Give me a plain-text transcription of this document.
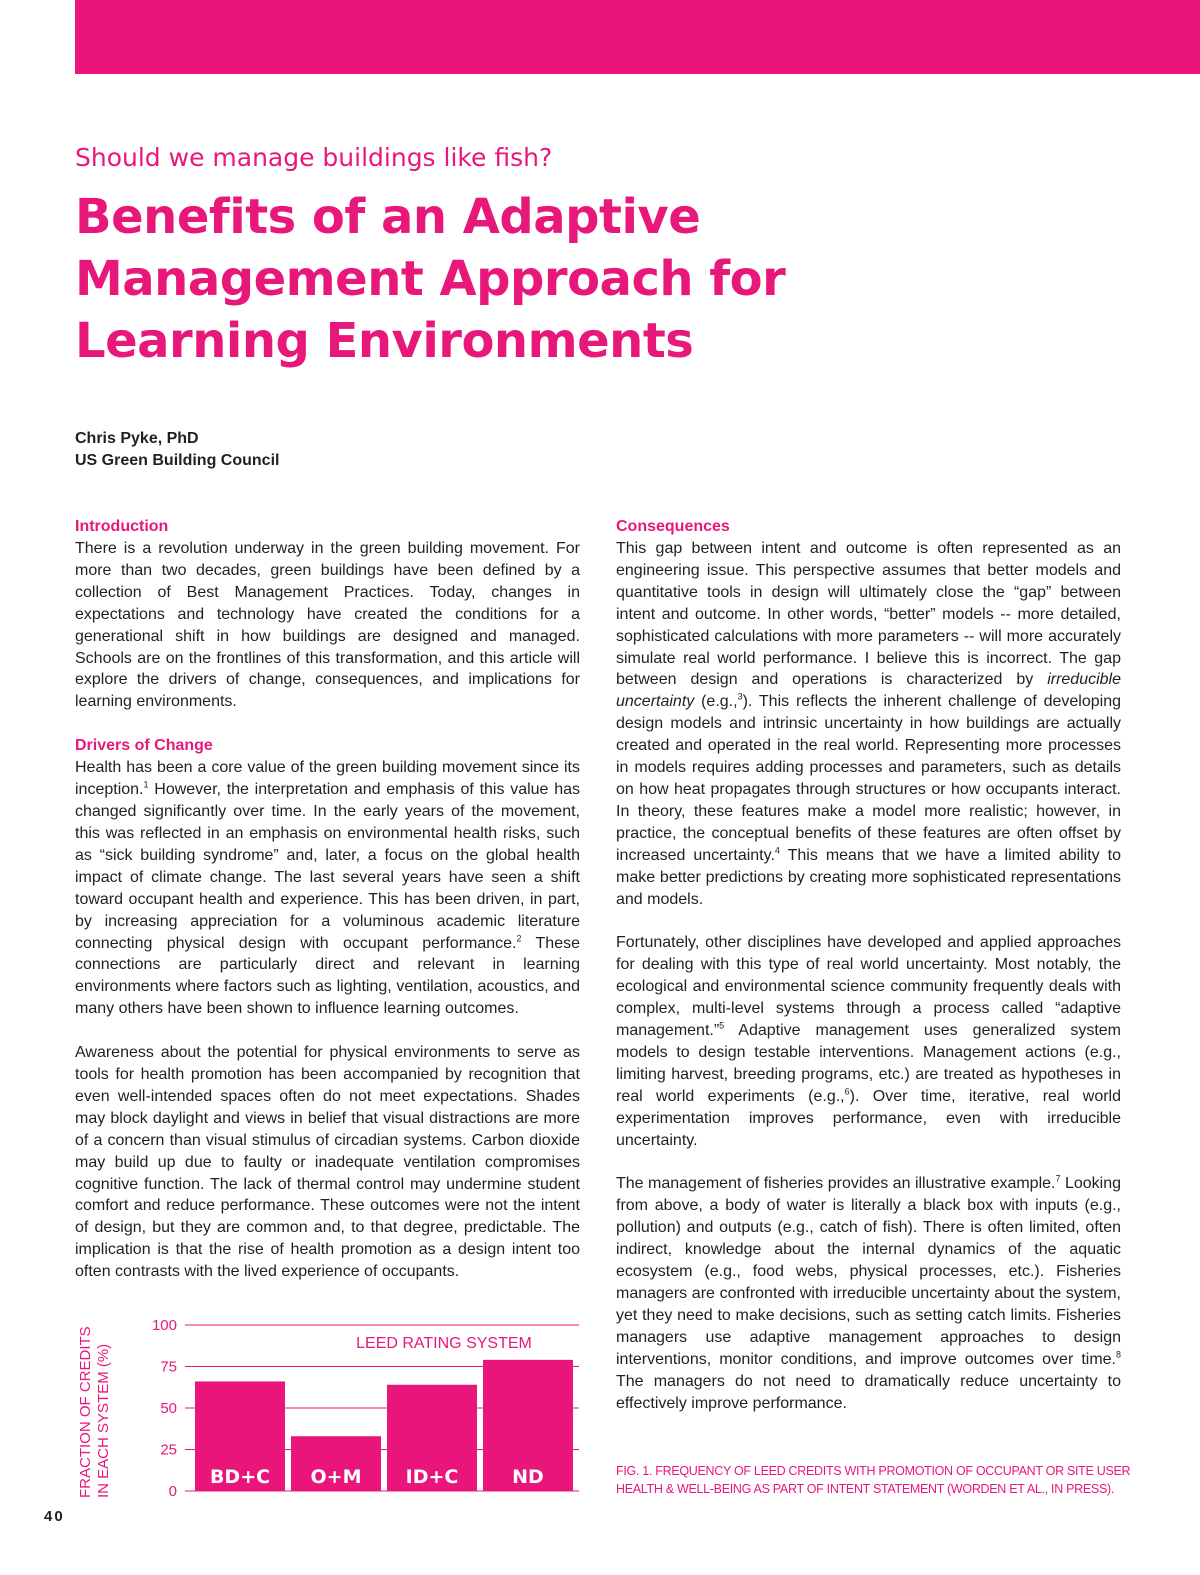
Should we manage buildings like fish?
Benefits of an Adaptive
Management Approach for
Learning Environments
Chris Pyke, PhD
US Green Building Council
Introduction

There is a revolution underway in the green building movement. For more than two decades, green buildings have been defined by a collection of Best Management Practices. Today, changes in expectations and technology have created the conditions for a generational shift in how buildings are designed and managed. Schools are on the frontlines of this transformation, and this article will explore the drivers of change, consequences, and implications for learning environments.

Drivers of Change

Health has been a core value of the green building movement since its inception.$^1$ However, the interpretation and emphasis of this value has changed significantly over time. In the early years of the movement, this was reflected in an emphasis on environmental health risks, such as “sick building syndrome” and, later, a focus on the global health impact of climate change. The last several years have seen a shift toward occupant health and experience. This has been driven, in part, by increasing appreciation for a voluminous academic literature connecting physical design with occupant performance.$^2$ These connections are particularly direct and relevant in learning environments where factors such as lighting, ventilation, acoustics, and many others have been shown to influence learning outcomes.

Awareness about the potential for physical environments to serve as tools for health promotion has been accompanied by recognition that even well-intended spaces often do not meet expectations. Shades may block daylight and views in belief that visual distractions are more of a concern than visual stimulus of circadian systems. Carbon dioxide may build up due to faulty or inadequate ventilation compromises cognitive function. The lack of thermal control may undermine student comfort and reduce performance. These outcomes were not the intent of design, but they are common and, to that degree, predictable. The implication is that the rise of health promotion as a design intent too often contrasts with the lived experience of occupants.

Consequences

This gap between intent and outcome is often represented as an engineering issue. This perspective assumes that better models and quantitative tools in design will ultimately close the “gap” between intent and outcome. In other words, “better” models -- more detailed, sophisticated calculations with more parameters -- will more accurately simulate real world performance. I believe this is incorrect. The gap between design and operations is characterized by irreducible uncertainty (e.g.,$^3$). This reflects the inherent challenge of developing design models and intrinsic uncertainty in how buildings are actually created and operated in the real world. Representing more processes in models requires adding processes and parameters, such as details on how heat propagates through structures or how occupants interact. In theory, these features make a model more realistic; however, in practice, the conceptual benefits of these features are often offset by increased uncertainty.$^4$ This means that we have a limited ability to make better predictions by creating more sophisticated representations and models.

Fortunately, other disciplines have developed and applied approaches for dealing with this type of real world uncertainty. Most notably, the ecological and environmental science community frequently deals with complex, multi-level systems through a process called “adaptive management.”$^5$ Adaptive management uses generalized system models to design testable interventions. Management actions (e.g., limiting harvest, breeding programs, etc.) are treated as hypotheses in real world experiments (e.g.,$^6$). Over time, iterative, real world experimentation improves performance, even with irreducible uncertainty.

The management of fisheries provides an illustrative example.$^7$ Looking from above, a body of water is literally a black box with inputs (e.g., pollution) and outputs (e.g., catch of fish). There is often limited, often indirect, knowledge about the internal dynamics of the aquatic ecosystem (e.g., food webs, physical processes, etc.). Fisheries managers are confronted with irreducible uncertainty about the system, yet they need to make decisions, such as setting catch limits. Fisheries managers use adaptive management approaches to design interventions, monitor conditions, and improve outcomes over time.$^8$ The managers do not need to dramatically reduce uncertainty to effectively improve performance.

FRACTION OF CREDITS IN EACH SYSTEM (%)	0
25
50
75
100
LEED RATING SYSTEM
BD+C O+M ID+C	ND	FIG. 1. FREQUENCY OF LEED CREDITS WITH PROMOTION OF OCCUPANT OR SITE USER HEALTH & WELL-BEING AS PART OF INTENT STATEMENT (WORDEN ET AL., IN PRESS).
40
